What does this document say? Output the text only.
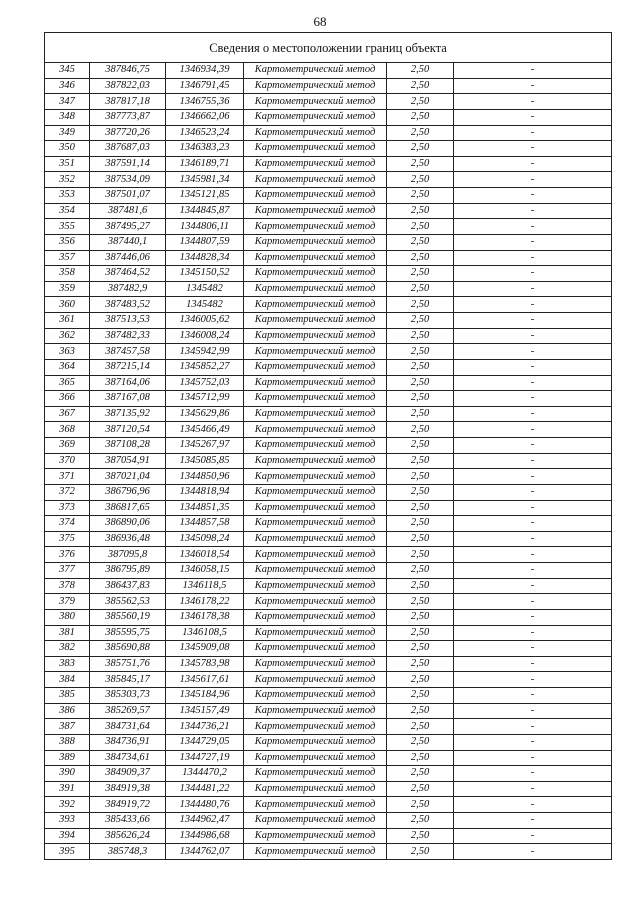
68
Сведения о местоположении границ объекта					
345	387846,75	1346934,39	Картометрический метод	2,50	-
346	387822,03	1346791,45	Картометрический метод	2,50	-
347	387817,18	1346755,36	Картометрический метод	2,50	-
348	387773,87	1346662,06	Картометрический метод	2,50	-
349	387720,26	1346523,24	Картометрический метод	2,50	-
350	387687,03	1346383,23	Картометрический метод	2,50	-
351	387591,14	1346189,71	Картометрический метод	2,50	-
352	387534,09	1345981,34	Картометрический метод	2,50	-
353	387501,07	1345121,85	Картометрический метод	2,50	-
354	387481,6	1344845,87	Картометрический метод	2,50	-
355	387495,27	1344806,11	Картометрический метод	2,50	-
356	387440,1	1344807,59	Картометрический метод	2,50	-
357	387446,06	1344828,34	Картометрический метод	2,50	-
358	387464,52	1345150,52	Картометрический метод	2,50	-
359	387482,9	1345482	Картометрический метод	2,50	-
360	387483,52	1345482	Картометрический метод	2,50	-
361	387513,53	1346005,62	Картометрический метод	2,50	-
362	387482,33	1346008,24	Картометрический метод	2,50	-
363	387457,58	1345942,99	Картометрический метод	2,50	-
364	387215,14	1345852,27	Картометрический метод	2,50	-
365	387164,06	1345752,03	Картометрический метод	2,50	-
366	387167,08	1345712,99	Картометрический метод	2,50	-
367	387135,92	1345629,86	Картометрический метод	2,50	-
368	387120,54	1345466,49	Картометрический метод	2,50	-
369	387108,28	1345267,97	Картометрический метод	2,50	-
370	387054,91	1345085,85	Картометрический метод	2,50	-
371	387021,04	1344850,96	Картометрический метод	2,50	-
372	386796,96	1344818,94	Картометрический метод	2,50	-
373	386817,65	1344851,35	Картометрический метод	2,50	-
374	386890,06	1344857,58	Картометрический метод	2,50	-
375	386936,48	1345098,24	Картометрический метод	2,50	-
376	387095,8	1346018,54	Картометрический метод	2,50	-
377	386795,89	1346058,15	Картометрический метод	2,50	-
378	386437,83	1346118,5	Картометрический метод	2,50	-
379	385562,53	1346178,22	Картометрический метод	2,50	-
380	385560,19	1346178,38	Картометрический метод	2,50	-
381	385595,75	1346108,5	Картометрический метод	2,50	-
382	385690,88	1345909,08	Картометрический метод	2,50	-
383	385751,76	1345783,98	Картометрический метод	2,50	-
384	385845,17	1345617,61	Картометрический метод	2,50	-
385	385303,73	1345184,96	Картометрический метод	2,50	-
386	385269,57	1345157,49	Картометрический метод	2,50	-
387	384731,64	1344736,21	Картометрический метод	2,50	-
388	384736,91	1344729,05	Картометрический метод	2,50	-
389	384734,61	1344727,19	Картометрический метод	2,50	-
390	384909,37	1344470,2	Картометрический метод	2,50	-
391	384919,38	1344481,22	Картометрический метод	2,50	-
392	384919,72	1344480,76	Картометрический метод	2,50	-
393	385433,66	1344962,47	Картометрический метод	2,50	-
394	385626,24	1344986,68	Картометрический метод	2,50	-
395	385748,3	1344762,07	Картометрический метод	2,50	-
